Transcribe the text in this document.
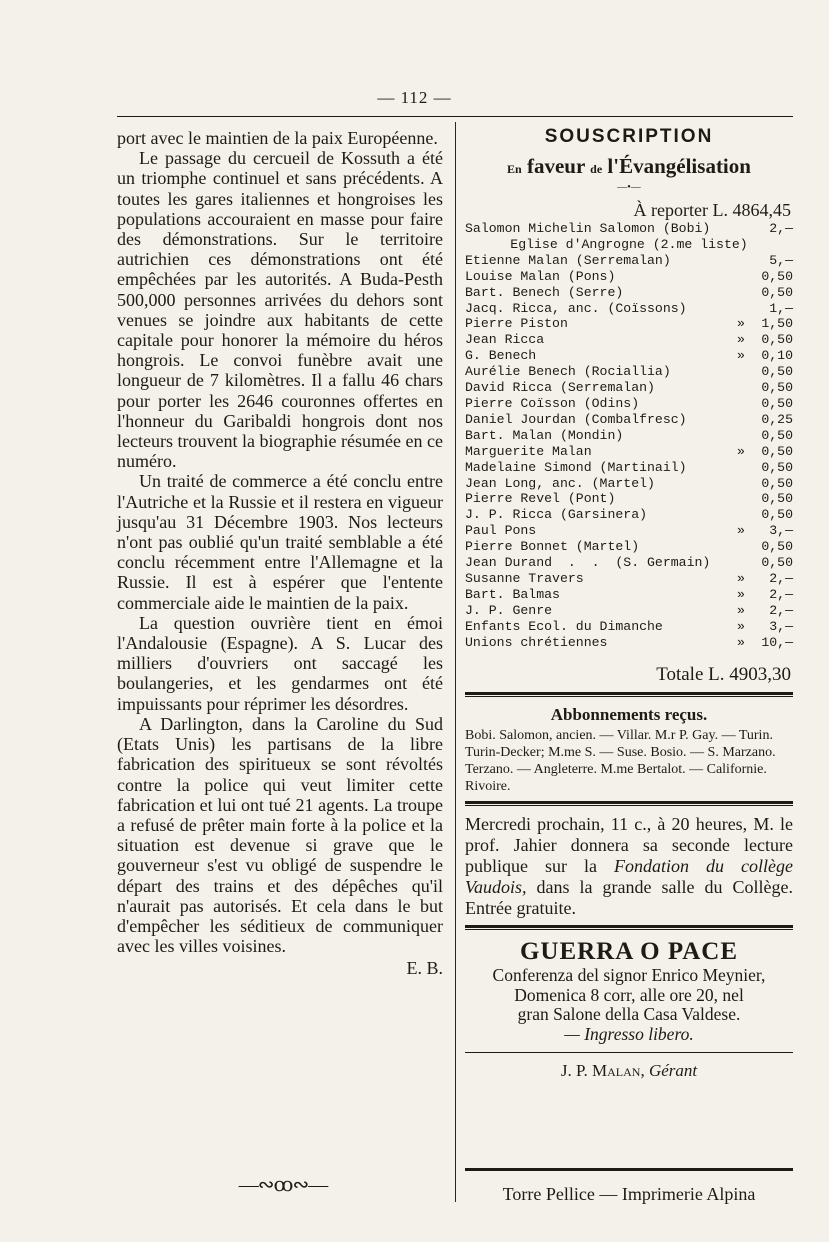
— 112 —

port avec le maintien de la paix Européenne.

Le passage du cercueil de Kossuth a été un triomphe continuel et sans précédents. A toutes les gares italiennes et hongroises les populations accouraient en masse pour faire des démonstrations. Sur le territoire autrichien ces démonstrations ont été empêchées par les autorités. A Buda-Pesth 500,000 personnes arrivées du dehors sont venues se joindre aux habitants de cette capitale pour honorer la mémoire du héros hongrois. Le convoi funèbre avait une longueur de 7 kilomètres. Il a fallu 46 chars pour porter les 2646 couronnes offertes en l'honneur du Garibaldi hongrois dont nos lecteurs trouvent la biographie résumée en ce numéro.

Un traité de commerce a été conclu entre l'Autriche et la Russie et il restera en vigueur jusqu'au 31 Décembre 1903. Nos lecteurs n'ont pas oublié qu'un traité semblable a été conclu récemment entre l'Allemagne et la Russie. Il est à espérer que l'entente commerciale aide le maintien de la paix.

La question ouvrière tient en émoi l'Andalousie (Espagne). A S. Lucar des milliers d'ouvriers ont saccagé les boulangeries, et les gendarmes ont été impuissants pour réprimer les désordres.

A Darlington, dans la Caroline du Sud (Etats Unis) les partisans de la libre fabrication des spiritueux se sont révoltés contre la police qui veut limiter cette fabrication et lui ont tué 21 agents. La troupe a refusé de prêter main forte à la police et la situation est devenue si grave que le gouverneur s'est vu obligé de suspendre le départ des trains et des dépêches qu'il n'aurait pas autorisés. Et cela dans le but d'empêcher les séditieux de communiquer avec les villes voisines.

E. B.

—∾ꝏ∾—
SOUSCRIPTION
En faveur de l'Évangélisation
—•—
À reporter L. 4864,45
Salomon Michelin Salomon (Bobi)	2,—
Eglise d'Angrogne (2.me liste)
Etienne Malan (Serremalan)	5,—
Louise Malan (Pons)	0,50
Bart. Benech (Serre)	0,50
Jacq. Ricca, anc. (Coïssons)	1,—
Pierre Piston	»	1,50
Jean Ricca	»	0,50
G. Benech	»	0,10
Aurélie Benech (Rociallia)	0,50
David Ricca (Serremalan)	0,50
Pierre Coïsson (Odins)	0,50
Daniel Jourdan (Combalfresc)	0,25
Bart. Malan (Mondin)	0,50
Marguerite Malan	»	0,50
Madelaine Simond (Martinail)	0,50
Jean Long, anc. (Martel)	0,50
Pierre Revel (Pont)	0,50
J. P. Ricca (Garsinera)	0,50
Paul Pons	»	3,—
Pierre Bonnet (Martel)	0,50
Jean Durand  .  .  (S. Germain)	0,50
Susanne Travers	»	2,—
Bart. Balmas	»	2,—
J. P. Genre	»	2,—
Enfants Ecol. du Dimanche	»	3,—
Unions chrétiennes	»	10,—
Totale L. 4903,30
Abbonnements reçus.
Bobi. Salomon, ancien. — Villar. M.r P. Gay. — Turin. Turin-Decker; M.me S. — Suse. Bosio. — S. Marzano. Terzano. — Angleterre. M.me Bertalot. — Californie. Rivoire.
Mercredi prochain, 11 c., à 20 heures, M. le prof. Jahier donnera sa seconde lecture publique sur la Fondation du collège Vaudois, dans la grande salle du Collège. Entrée gratuite.
GUERRA O PACE
Conferenza del signor Enrico Meynier,
Domenica 8 corr, alle ore 20, nel
gran Salone della Casa Valdese.
— Ingresso libero.
J. P. Malan, Gérant
Torre Pellice — Imprimerie Alpina
